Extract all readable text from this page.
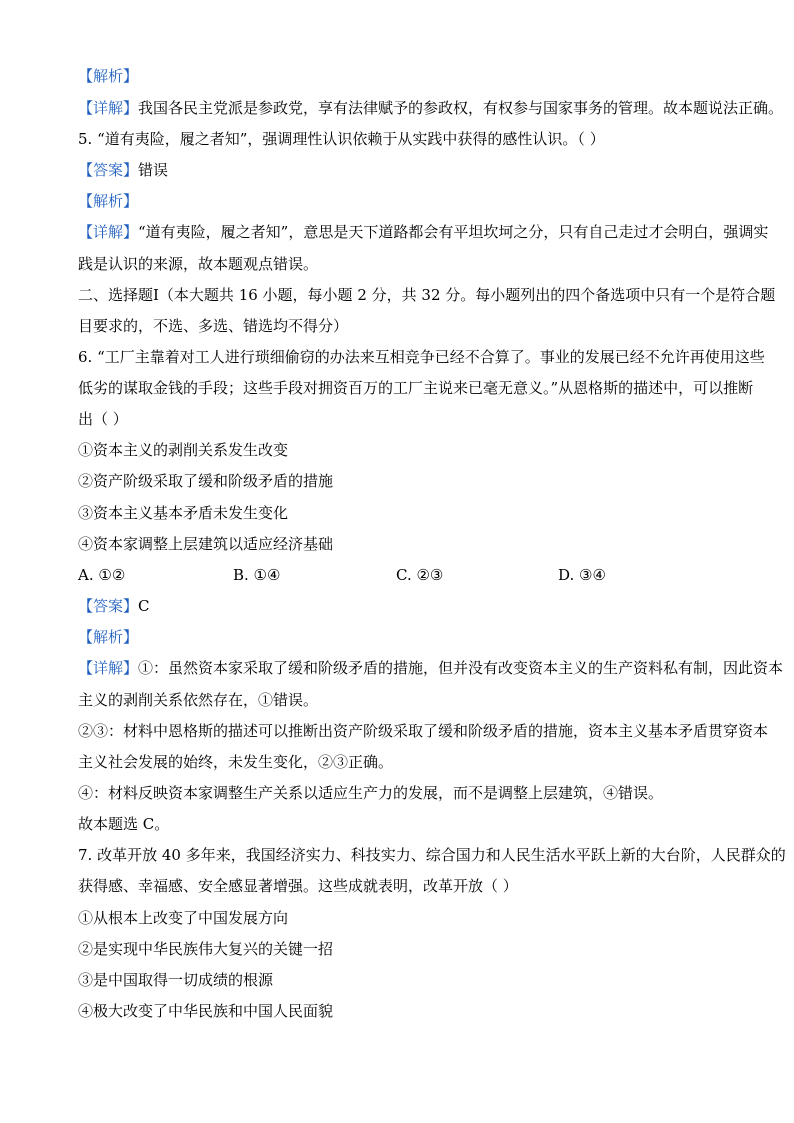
【解析】
【详解】我国各民主党派是参政党，享有法律赋予的参政权，有权参与国家事务的管理。故本题说法正确。
5. “道有夷险，履之者知”，强调理性认识依赖于从实践中获得的感性认识。（ ）
【答案】错误
【解析】
【详解】“道有夷险，履之者知”，意思是天下道路都会有平坦坎坷之分，只有自己走过才会明白，强调实
践是认识的来源，故本题观点错误。
二、选择题Ⅰ（本大题共 16 小题，每小题 2 分，共 32 分。每小题列出的四个备选项中只有一个是符合题
目要求的，不选、多选、错选均不得分）
6. “工厂主靠着对工人进行琐细偷窃的办法来互相竞争已经不合算了。事业的发展已经不允许再使用这些
低劣的谋取金钱的手段；这些手段对拥资百万的工厂主说来已毫无意义。”从恩格斯的描述中，可以推断
出（ ）
①资本主义的剥削关系发生改变
②资产阶级采取了缓和阶级矛盾的措施
③资本主义基本矛盾未发生变化
④资本家调整上层建筑以适应经济基础
A. ①②	B. ①④	C. ②③	D. ③④
【答案】C
【解析】
【详解】①：虽然资本家采取了缓和阶级矛盾的措施，但并没有改变资本主义的生产资料私有制，因此资本
主义的剥削关系依然存在，①错误。
②③：材料中恩格斯的描述可以推断出资产阶级采取了缓和阶级矛盾的措施，资本主义基本矛盾贯穿资本
主义社会发展的始终，未发生变化，②③正确。
④：材料反映资本家调整生产关系以适应生产力的发展，而不是调整上层建筑，④错误。
故本题选 C。
7. 改革开放 40 多年来，我国经济实力、科技实力、综合国力和人民生活水平跃上新的大台阶，人民群众的
获得感、幸福感、安全感显著增强。这些成就表明，改革开放（ ）
①从根本上改变了中国发展方向
②是实现中华民族伟大复兴的关键一招
③是中国取得一切成绩的根源
④极大改变了中华民族和中国人民面貌
